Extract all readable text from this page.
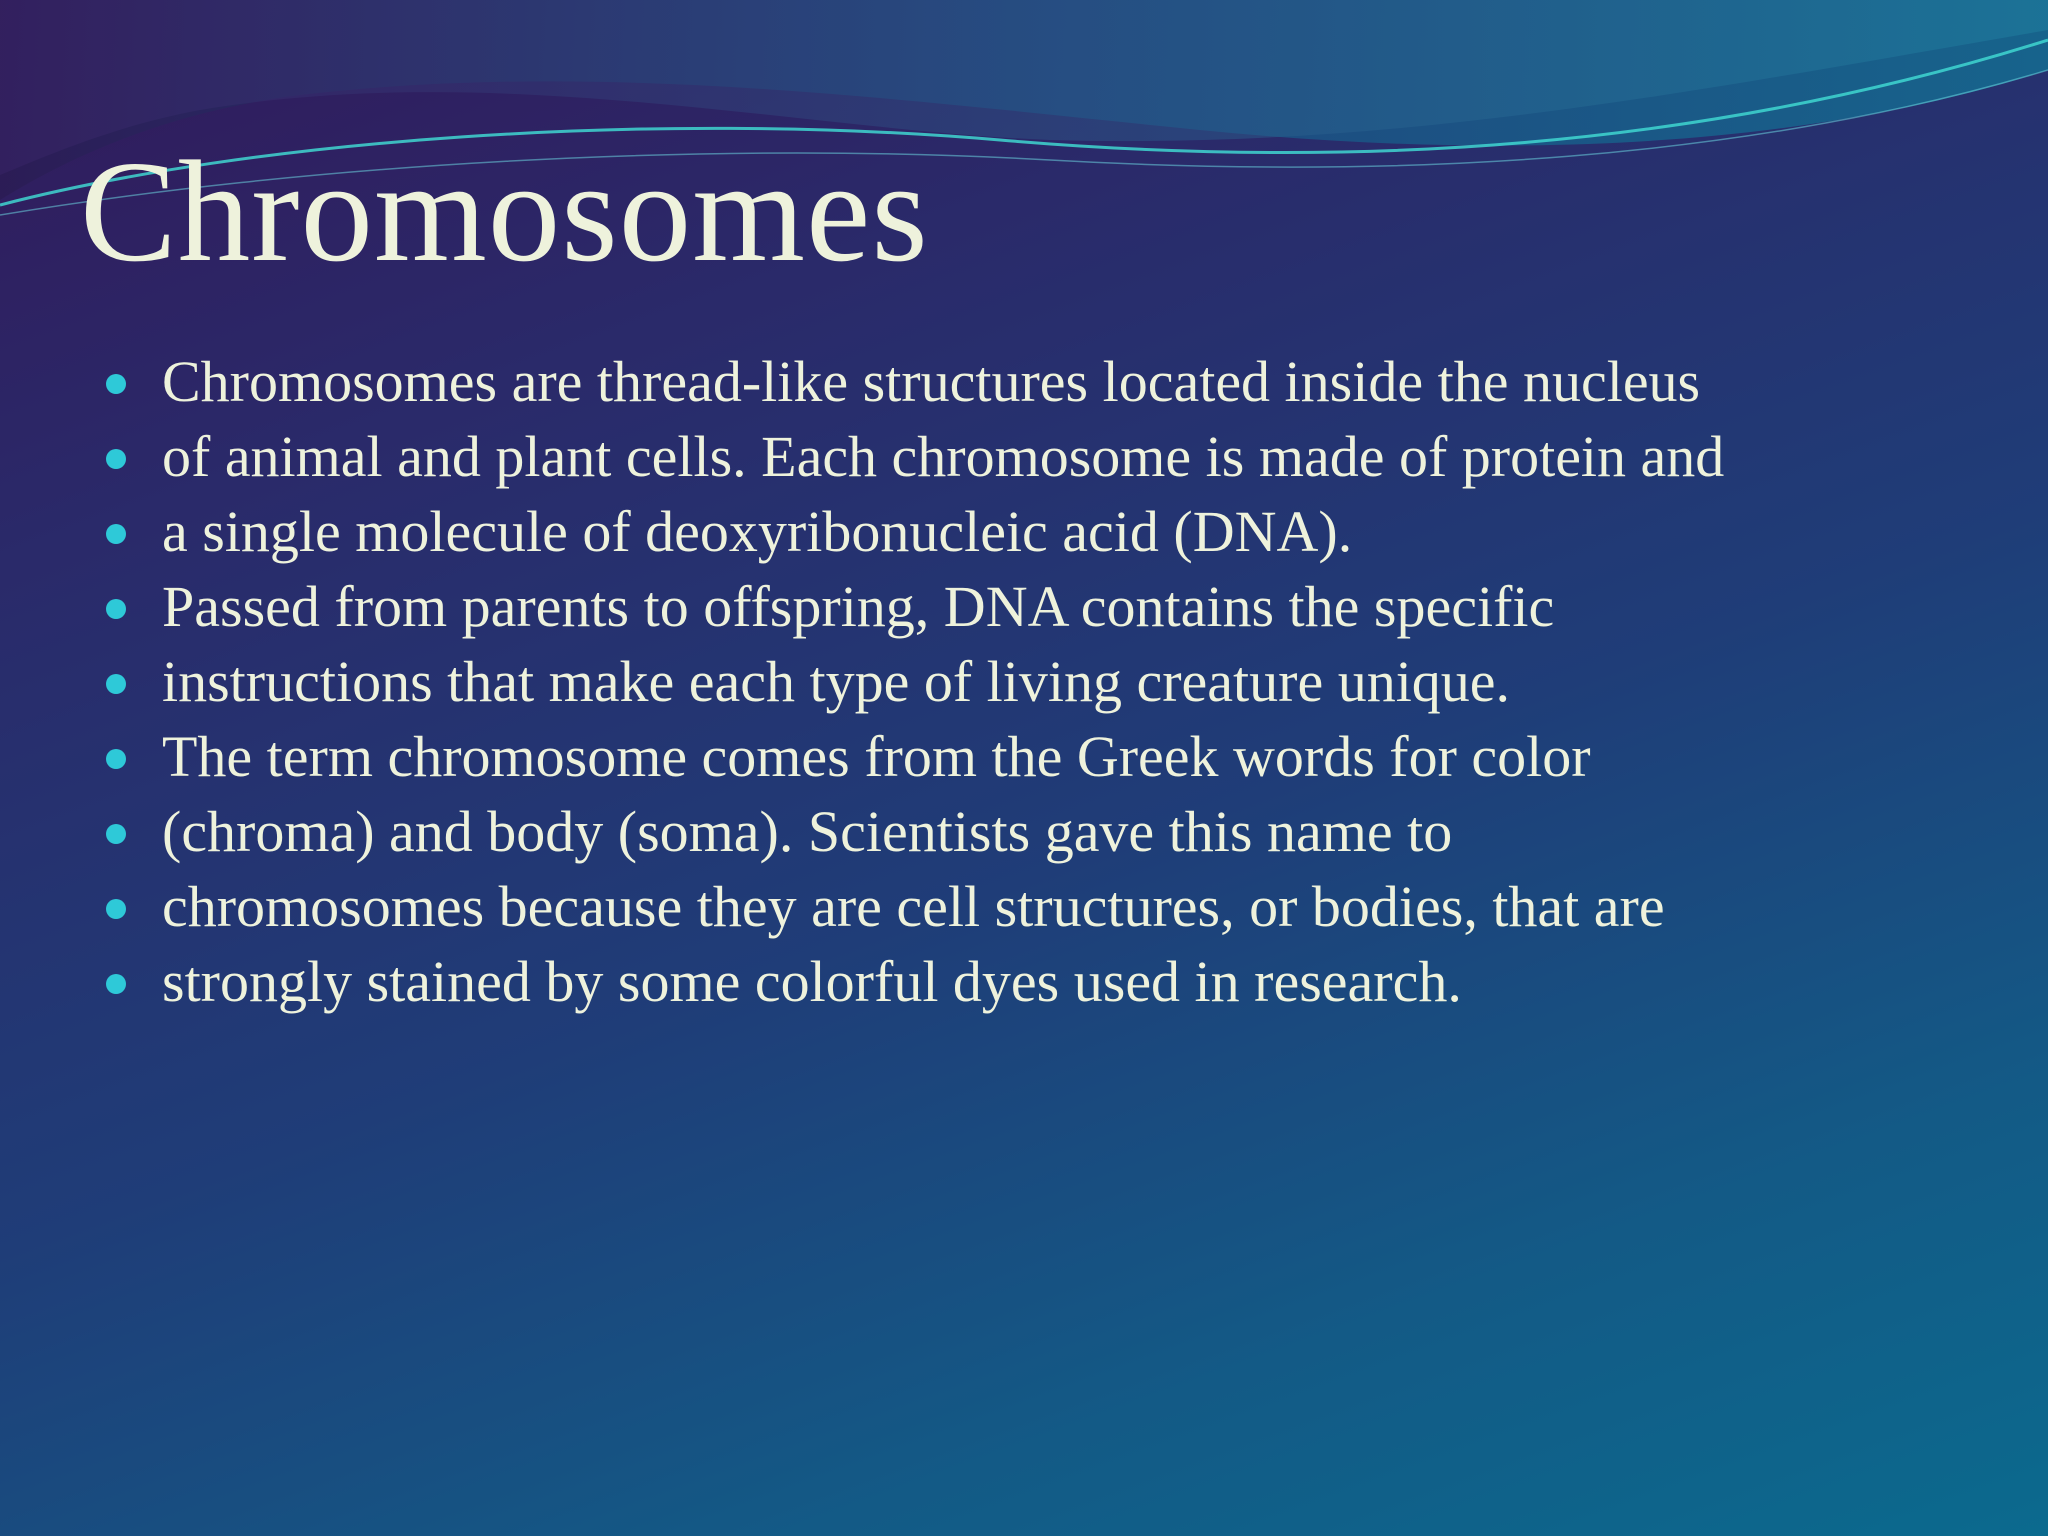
Chromosomes
Chromosomes are thread-like structures located inside the nucleus
of animal and plant cells. Each chromosome is made of protein and
a single molecule of deoxyribonucleic acid (DNA).
Passed from parents to offspring, DNA contains the specific
instructions that make each type of living creature unique.
The term chromosome comes from the Greek words for color
(chroma) and body (soma). Scientists gave this name to
chromosomes because they are cell structures, or bodies, that are
strongly stained by some colorful dyes used in research.
